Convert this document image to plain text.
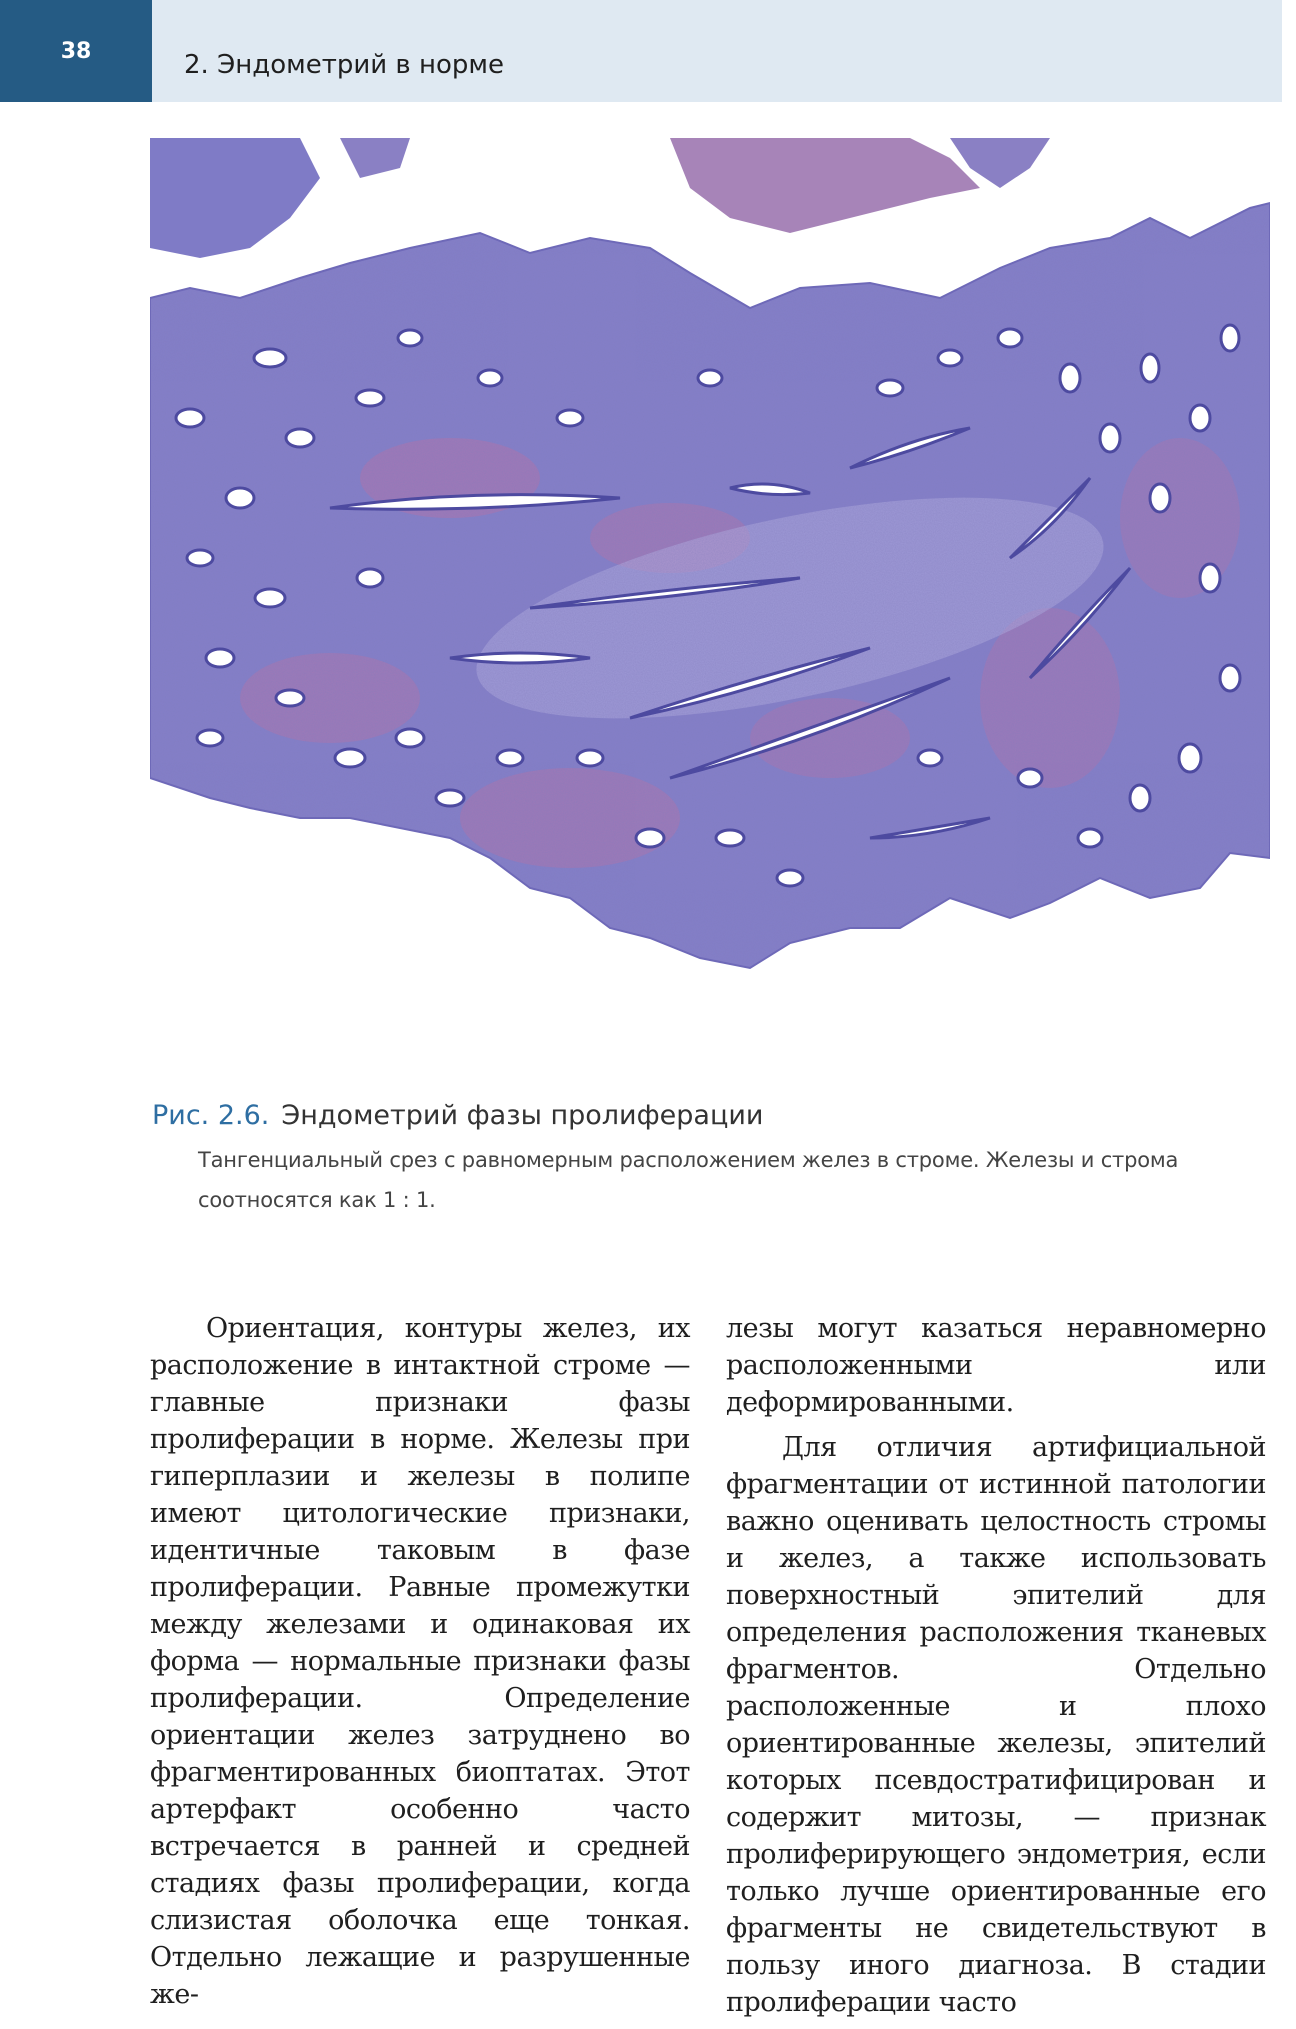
38	2. Эндометрий в норме
Рис. 2.6. Эндометрий фазы пролиферации
Тангенциальный срез с равномерным расположением желез в строме. Железы и строма соотносятся как 1 : 1.

Ориентация, контуры желез, их расположение в интактной строме — главные признаки фазы пролиферации в норме. Железы при гиперплазии и железы в полипе имеют цитологические признаки, идентичные таковым в фазе пролиферации. Равные промежутки между железами и одинаковая их форма — нормальные признаки фазы пролиферации. Определение ориентации желез затруднено во фрагментированных биоптатах. Этот артерфакт особенно часто встречается в ранней и средней стадиях фазы пролиферации, когда слизистая оболочка еще тонкая. Отдельно лежащие и разрушенные же-

лезы могут казаться неравномерно расположенными или деформированными.

Для отличия артифициальной фрагментации от истинной патологии важно оценивать целостность стромы и желез, а также использовать поверхностный эпителий для определения расположения тканевых фрагментов. Отдельно расположенные и плохо ориентированные железы, эпителий которых псевдостратифицирован и содержит митозы, — признак пролиферирующего эндометрия, если только лучше ориентированные его фрагменты не свидетельствуют в пользу иного диагноза. В стадии пролиферации часто
